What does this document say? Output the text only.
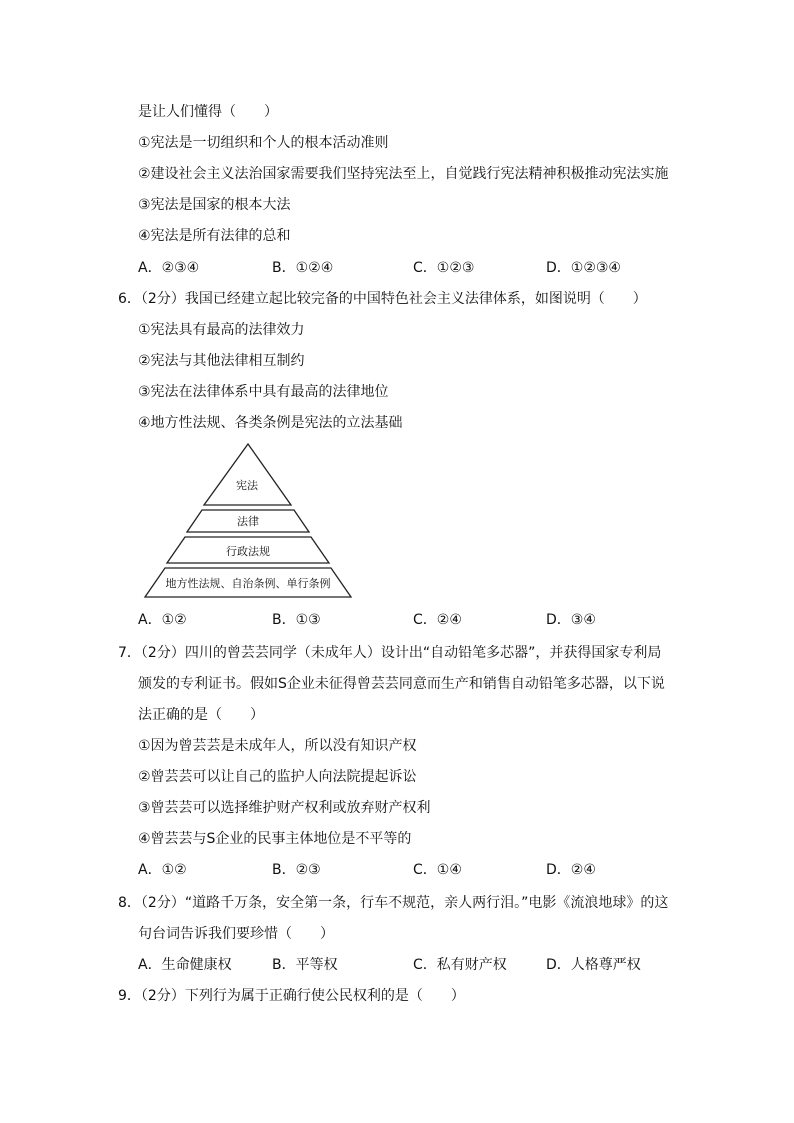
是让人们懂得（　　）
①宪法是一切组织和个人的根本活动准则
②建设社会主义法治国家需要我们坚持宪法至上，自觉践行宪法精神积极推动宪法实施
③宪法是国家的根本大法
④宪法是所有法律的总和
A．②③④	B．①②④	C．①②③	D．①②③④
6．（2分）我国已经建立起比较完备的中国特色社会主义法律体系，如图说明（　　）
①宪法具有最高的法律效力
②宪法与其他法律相互制约
③宪法在法律体系中具有最高的法律地位
④地方性法规、各类条例是宪法的立法基础
宪法
法律
行政法规
地方性法规、自治条例、单行条例
A．①②	B．①③	C．②④	D．③④
7．（2分）四川的曾芸芸同学（未成年人）设计出“自动铅笔多芯器”，并获得国家专利局
颁发的专利证书。假如S企业未征得曾芸芸同意而生产和销售自动铅笔多芯器，以下说
法正确的是（　　）
①因为曾芸芸是未成年人，所以没有知识产权
②曾芸芸可以让自己的监护人向法院提起诉讼
③曾芸芸可以选择维护财产权利或放弃财产权利
④曾芸芸与S企业的民事主体地位是不平等的
A．①②	B．②③	C．①④	D．②④
8．（2分）“道路千万条，安全第一条，行车不规范，亲人两行泪。”电影《流浪地球》的这
句台词告诉我们要珍惜（　　）
A．生命健康权	B．平等权	C．私有财产权	D．人格尊严权
9．（2分）下列行为属于正确行使公民权利的是（　　）
